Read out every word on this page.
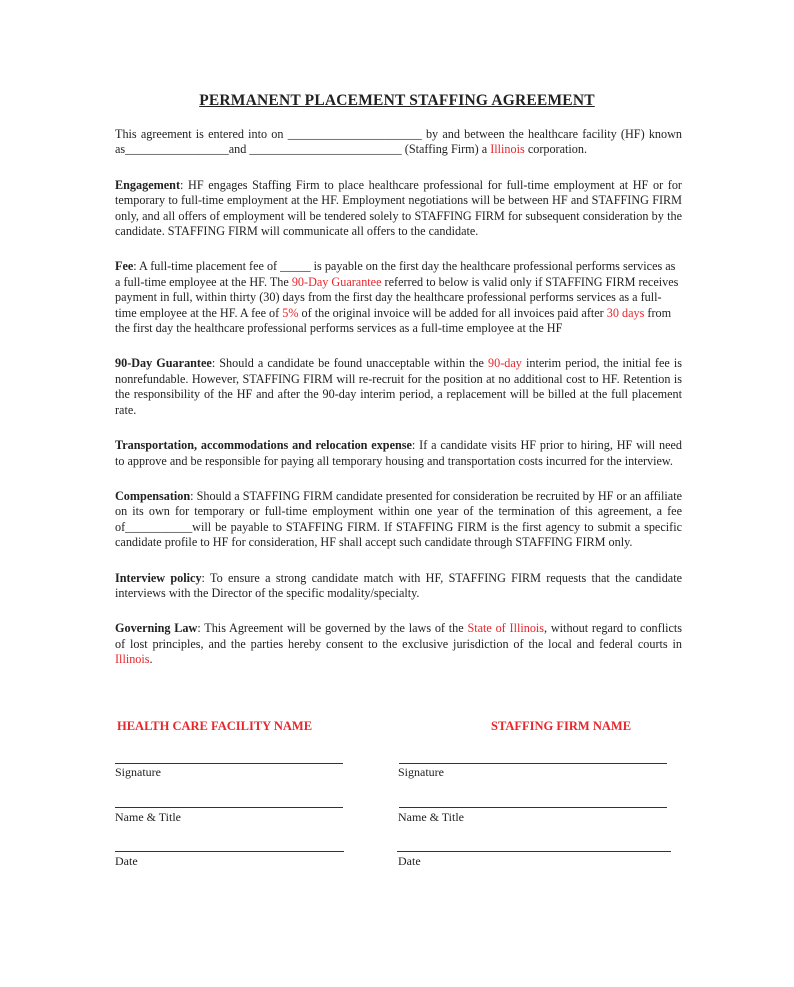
PERMANENT PLACEMENT STAFFING AGREEMENT

This agreement is entered into on ______________________ by and between the healthcare facility (HF) known as_________________and _________________________ (Staffing Firm) a Illinois corporation.

Engagement: HF engages Staffing Firm to place healthcare professional for full-time employment at HF or for temporary to full-time employment at the HF. Employment negotiations will be between HF and STAFFING FIRM only, and all offers of employment will be tendered solely to STAFFING FIRM for subsequent consideration by the candidate. STAFFING FIRM will communicate all offers to the candidate.

Fee: A full-time placement fee of _____ is payable on the first day the healthcare professional performs services as a full-time employee at the HF. The 90-Day Guarantee referred to below is valid only if STAFFING FIRM receives payment in full, within thirty (30) days from the first day the healthcare professional performs services as a full-time employee at the HF. A fee of 5% of the original invoice will be added for all invoices paid after 30 days from the first day the healthcare professional performs services as a full-time employee at the HF

90-Day Guarantee: Should a candidate be found unacceptable within the 90-day interim period, the initial fee is nonrefundable. However, STAFFING FIRM will re-recruit for the position at no additional cost to HF. Retention is the responsibility of the HF and after the 90-day interim period, a replacement will be billed at the full placement rate.

Transportation, accommodations and relocation expense: If a candidate visits HF prior to hiring, HF will need to approve and be responsible for paying all temporary housing and transportation costs incurred for the interview.

Compensation: Should a STAFFING FIRM candidate presented for consideration be recruited by HF or an affiliate on its own for temporary or full-time employment within one year of the termination of this agreement, a fee of___________will be payable to STAFFING FIRM. If STAFFING FIRM is the first agency to submit a specific candidate profile to HF for consideration, HF shall accept such candidate through STAFFING FIRM only.

Interview policy: To ensure a strong candidate match with HF, STAFFING FIRM requests that the candidate interviews with the Director of the specific modality/specialty.

Governing Law: This Agreement will be governed by the laws of the State of Illinois, without regard to conflicts of lost principles, and the parties hereby consent to the exclusive jurisdiction of the local and federal courts in Illinois.

HEALTH CARE FACILITY NAME
Signature
Name & Title
Date
STAFFING FIRM NAME
Signature
Name & Title
Date
